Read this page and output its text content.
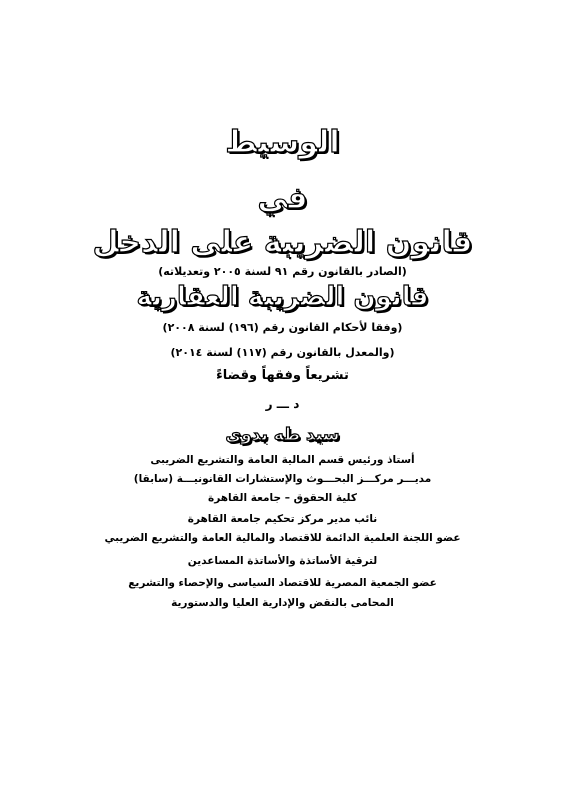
الوسيط
في
قانون الضريبة على الدخل
(الصادر بالقانون رقم ٩١ لسنة ٢٠٠٥ وتعديلاته)
قانون الضريبة العقارية
(وفقا لأحكام القانون رقم (١٩٦) لسنة ٢٠٠٨)
(والمعدل بالقانون رقم (١١٧) لسنة ٢٠١٤)
تشريعاً وفقهاً وقضاءً
د ـــ ر
سيد طه بدوى
أستاذ ورئيس قسم المالية العامة والتشريع الضريبى
مديـــر مركـــز البحـــوث والإستشارات القانونيـــة (سابقا)
كلية الحقوق – جامعة القاهرة
نائب مدير مركز تحكيم جامعة القاهرة
عضو اللجنة العلمية الدائمة للاقتصاد والمالية العامة والتشريع الضريبي
لترقية الأساتذة والأساتذة المساعدين
عضو الجمعية المصرية للاقتصاد السياسى والإحصاء والتشريع
المحامى بالنقض والإدارية العليا والدستورية
